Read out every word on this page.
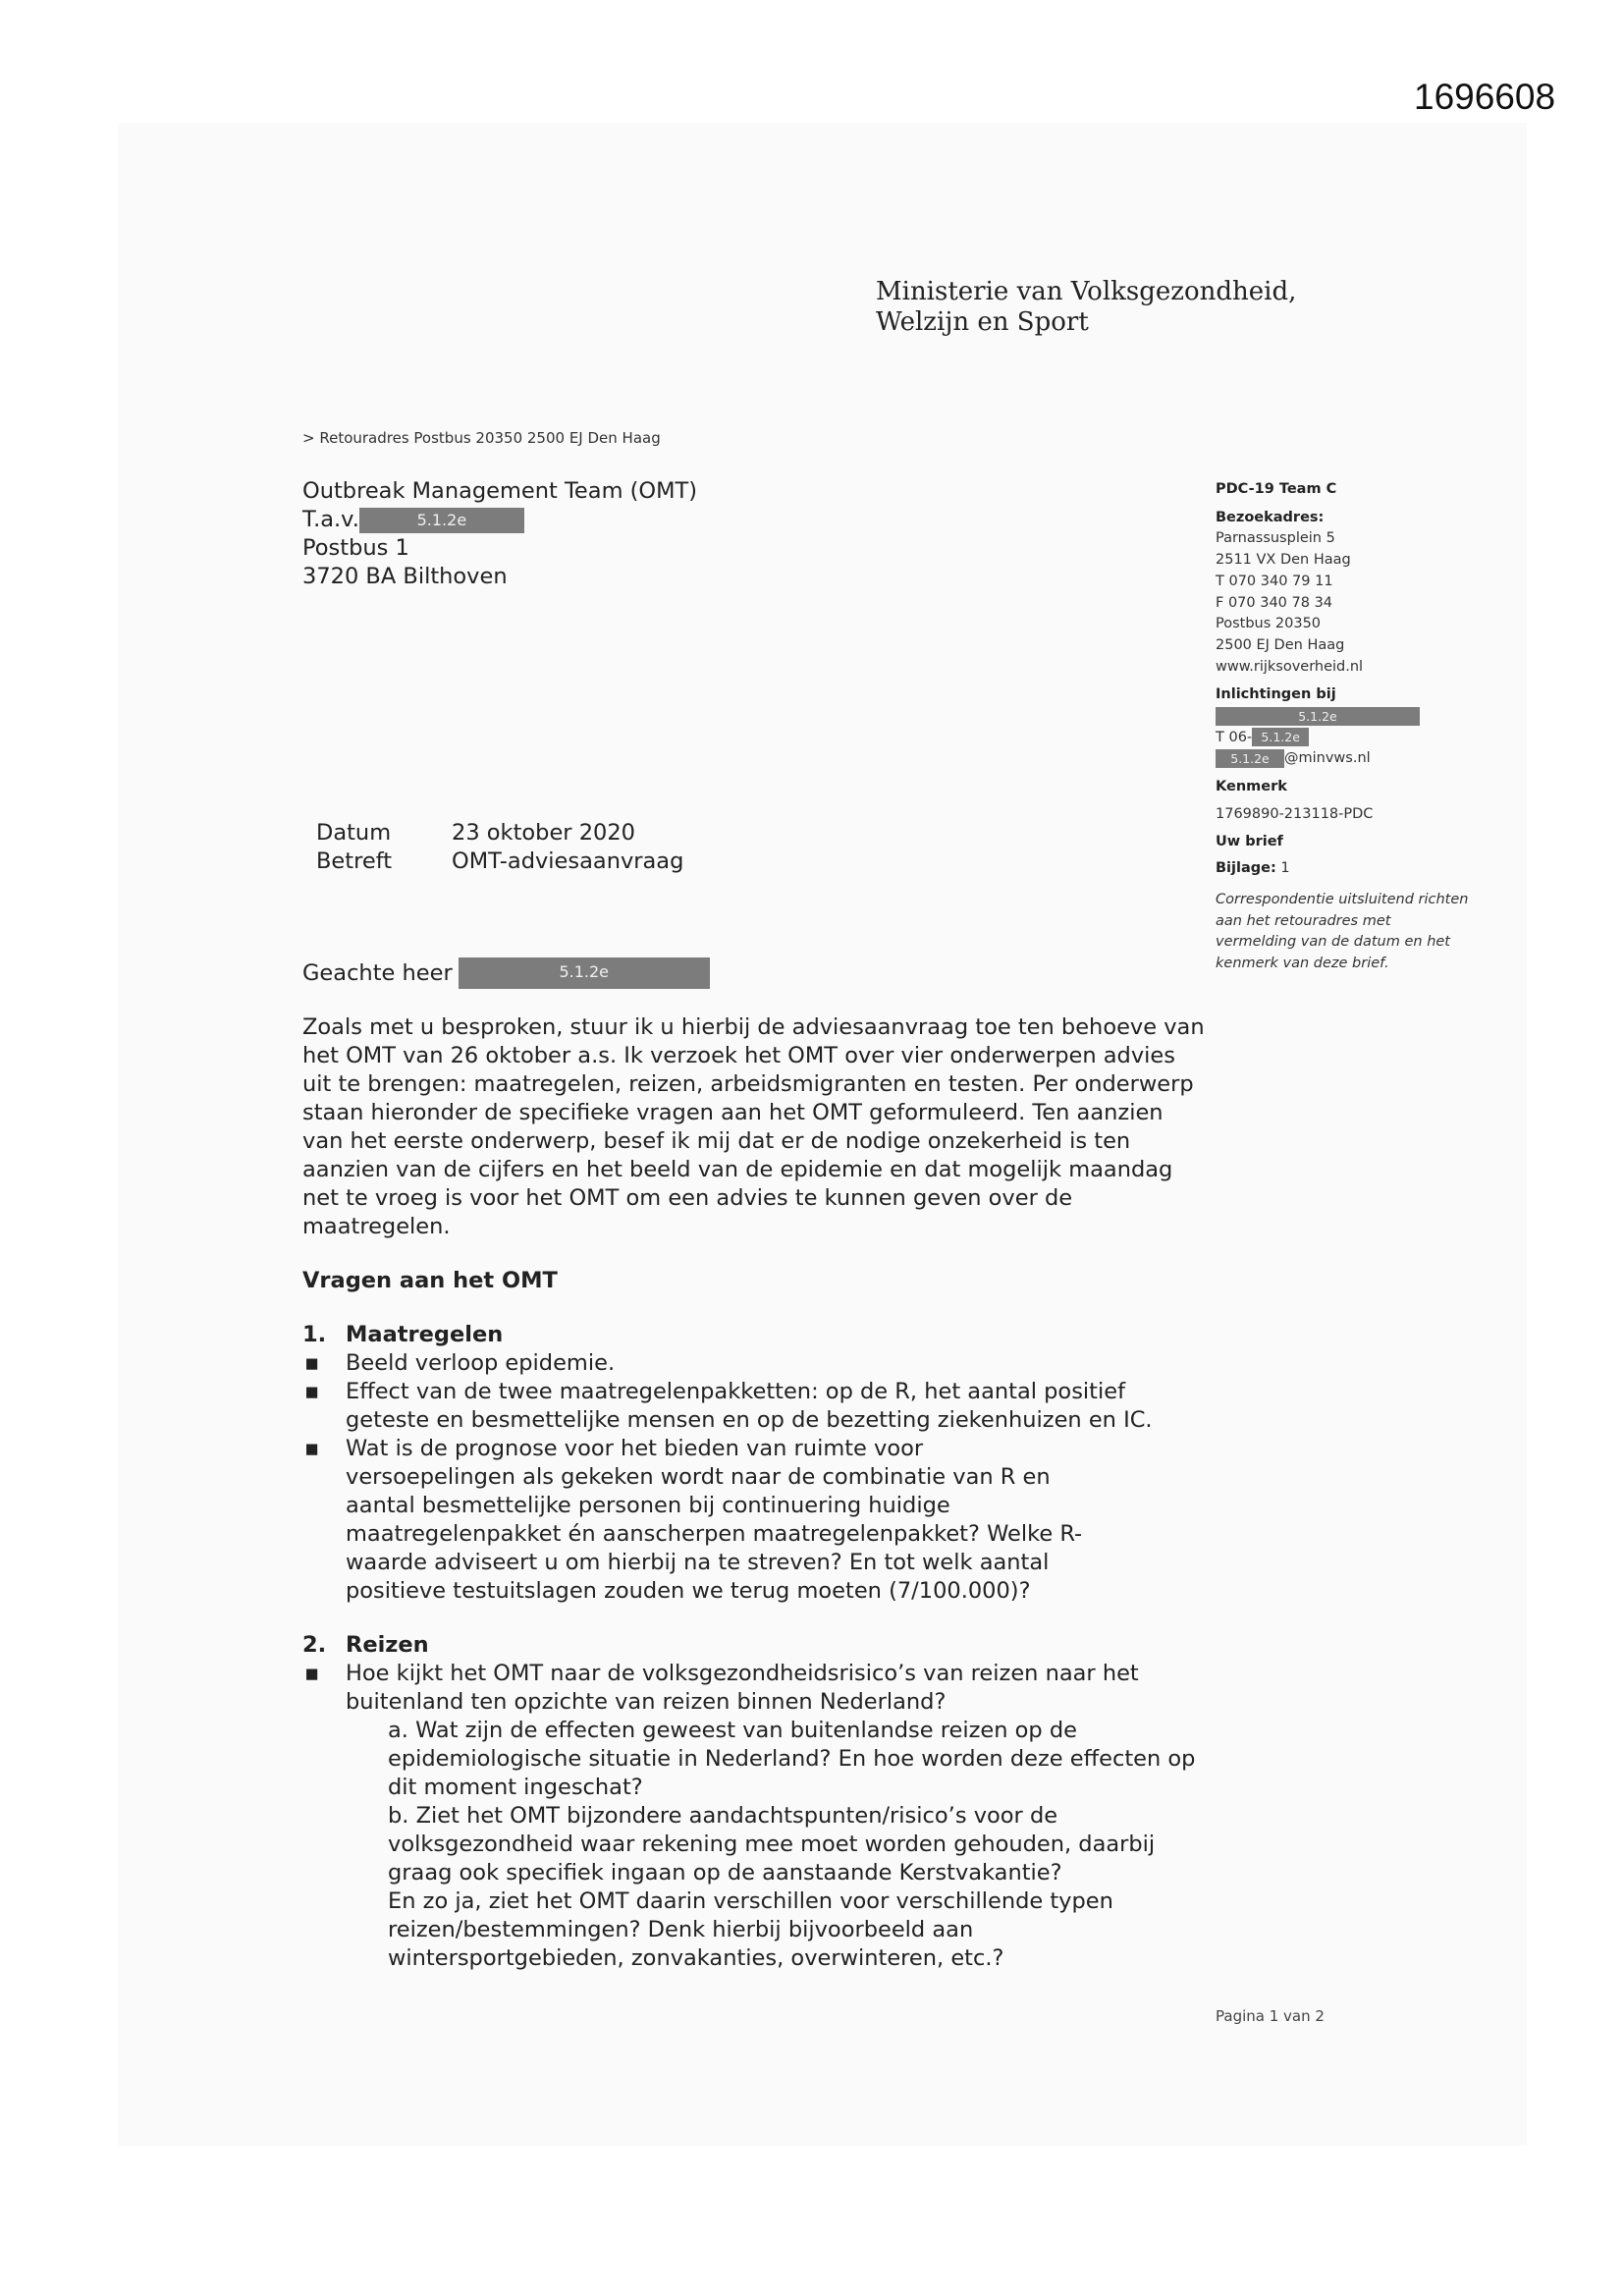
1696608
Ministerie van Volksgezondheid,
Welzijn en Sport
> Retouradres Postbus 20350 2500 EJ Den Haag
Outbreak Management Team (OMT)
T.a.v.	5.1.2e
Postbus 1
3720 BA Bilthoven
PDC-19 Team C
Bezoekadres:
Parnassusplein 5
2511 VX Den Haag
T 070 340 79 11
F 070 340 78 34
Postbus 20350
2500 EJ Den Haag
www.rijksoverheid.nl
Inlichtingen bij
5.1.2e
T 06- 5.1.2e
5.1.2e @minvws.nl
Kenmerk
1769890-213118-PDC
Uw brief
Bijlage: 1
Correspondentie uitsluitend richten aan het retouradres met vermelding van de datum en het kenmerk van deze brief.
Datum	23 oktober 2020
Betreft	OMT-adviesaanvraag
Geachte heer	5.1.2e

Zoals met u besproken, stuur ik u hierbij de adviesaanvraag toe ten behoeve van het OMT van 26 oktober a.s. Ik verzoek het OMT over vier onderwerpen advies uit te brengen: maatregelen, reizen, arbeidsmigranten en testen. Per onderwerp staan hieronder de specifieke vragen aan het OMT geformuleerd. Ten aanzien van het eerste onderwerp, besef ik mij dat er de nodige onzekerheid is ten aanzien van de cijfers en het beeld van de epidemie en dat mogelijk maandag net te vroeg is voor het OMT om een advies te kunnen geven over de maatregelen.

Vragen aan het OMT

1. Maatregelen
▪	Beeld verloop epidemie.
▪	Effect van de twee maatregelenpakketten: op de R, het aantal positief geteste en besmettelijke mensen en op de bezetting ziekenhuizen en IC.
▪	Wat is de prognose voor het bieden van ruimte voor versoepelingen als gekeken wordt naar de combinatie van R en aantal besmettelijke personen bij continuering huidige maatregelenpakket én aanscherpen maatregelenpakket? Welke R-waarde adviseert u om hierbij na te streven? En tot welk aantal positieve testuitslagen zouden we terug moeten (7/100.000)?
2. Reizen
▪	Hoe kijkt het OMT naar de volksgezondheidsrisico’s van reizen naar het buitenland ten opzichte van reizen binnen Nederland?
a. Wat zijn de effecten geweest van buitenlandse reizen op de epidemiologische situatie in Nederland? En hoe worden deze effecten op dit moment ingeschat?
b. Ziet het OMT bijzondere aandachtspunten/risico’s voor de volksgezondheid waar rekening mee moet worden gehouden, daarbij graag ook specifiek ingaan op de aanstaande Kerstvakantie?
En zo ja, ziet het OMT daarin verschillen voor verschillende typen reizen/bestemmingen? Denk hierbij bijvoorbeeld aan wintersportgebieden, zonvakanties, overwinteren, etc.?
Pagina 1 van 2
